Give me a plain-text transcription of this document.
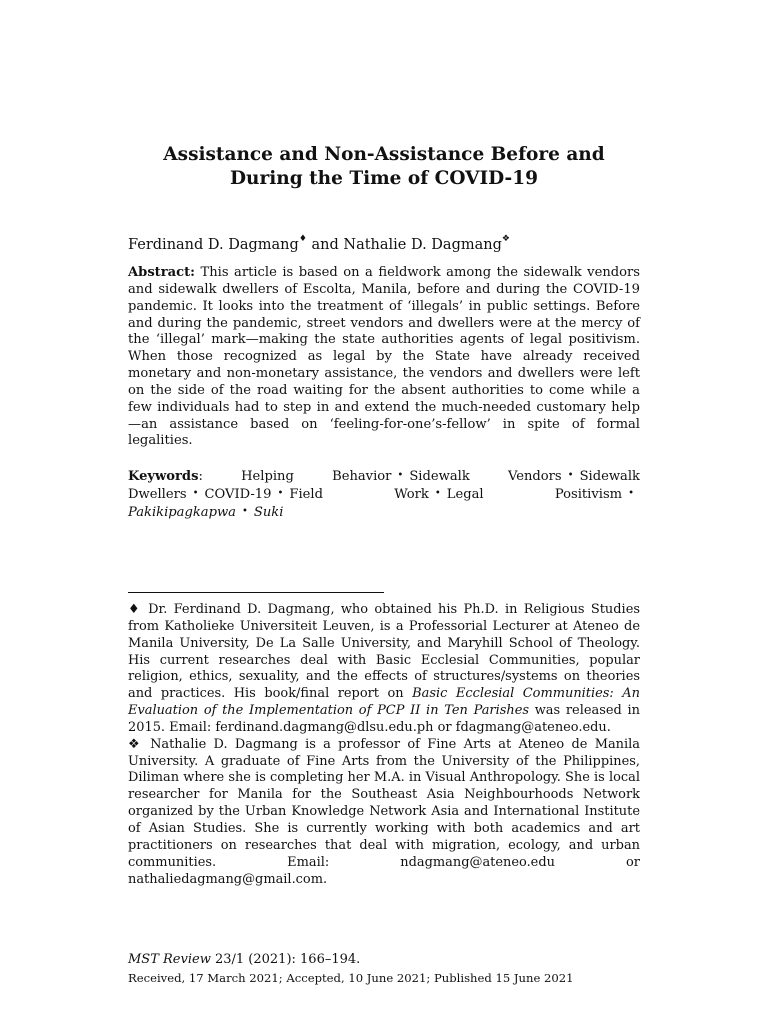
Assistance and Non-Assistance Before and
During the Time of COVID-19
Ferdinand D. Dagmang♦ and Nathalie D. Dagmang❖

Abstract: This article is based on a fieldwork among the sidewalk vendors and sidewalk dwellers of Escolta, Manila, before and during the COVID-19 pandemic. It looks into the treatment of ‘illegals’ in public settings. Before and during the pandemic, street vendors and dwellers were at the mercy of the ‘illegal’ mark—making the state authorities agents of legal positivism. When those recognized as legal by the State have already received monetary and non-monetary assistance, the vendors and dwellers were left on the side of the road waiting for the absent authorities to come while a few individuals had to step in and extend the much-needed customary help—an assistance based on ‘feeling-for-one’s-fellow’ in spite of formal legalities.

Keywords: Helping Behavior • Sidewalk Vendors • Sidewalk
Dwellers • COVID-19 • Field Work • Legal Positivism •
Pakikipagkapwa • Suki

♦ Dr. Ferdinand D. Dagmang, who obtained his Ph.D. in Religious Studies from Katholieke Universiteit Leuven, is a Professorial Lecturer at Ateneo de Manila University, De La Salle University, and Maryhill School of Theology. His current researches deal with Basic Ecclesial Communities, popular religion, ethics, sexuality, and the effects of structures/systems on theories and practices. His book/final report on Basic Ecclesial Communities: An Evaluation of the Implementation of PCP II in Ten Parishes was released in 2015. Email: ferdinand.dagmang@dlsu.edu.ph or fdagmang@ateneo.edu.

❖ Nathalie D. Dagmang is a professor of Fine Arts at Ateneo de Manila University. A graduate of Fine Arts from the University of the Philippines, Diliman where she is completing her M.A. in Visual Anthropology. She is local researcher for Manila for the Southeast Asia Neighbourhoods Network organized by the Urban Knowledge Network Asia and International Institute of Asian Studies. She is currently working with both academics and art practitioners on researches that deal with migration, ecology, and urban communities. Email: ndagmang@ateneo.edu or nathaliedagmang@gmail.com.

MST Review 23/1 (2021): 166–194.
Received, 17 March 2021; Accepted, 10 June 2021; Published 15 June 2021
